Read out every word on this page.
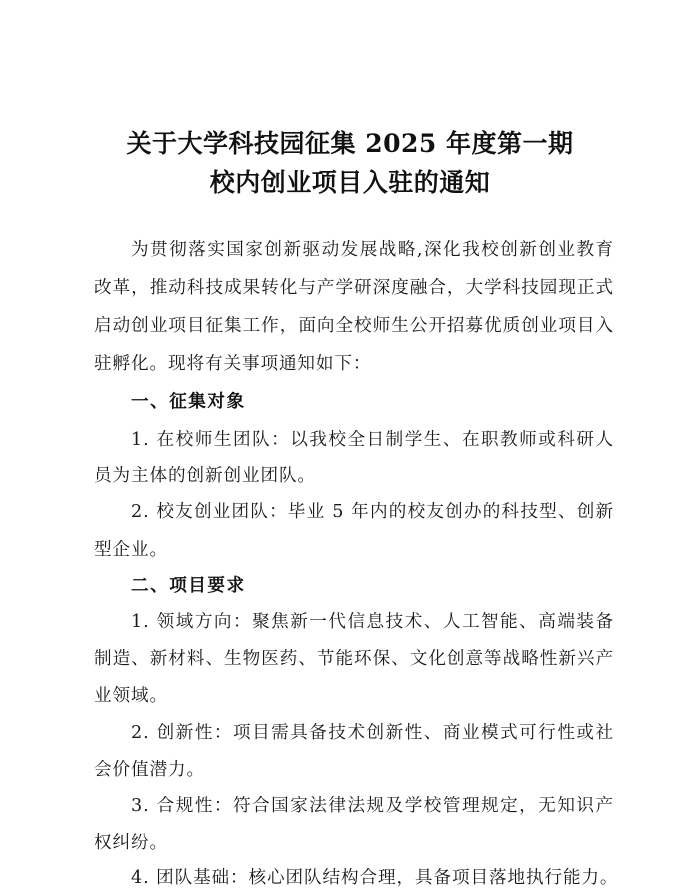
关于大学科技园征集 2025 年度第一期
校内创业项目入驻的通知
为贯彻落实国家创新驱动发展战略,深化我校创新创业教育
改革，推动科技成果转化与产学研深度融合，大学科技园现正式
启动创业项目征集工作，面向全校师生公开招募优质创业项目入
驻孵化。现将有关事项通知如下：
一、征集对象
1. 在校师生团队：以我校全日制学生、在职教师或科研人
员为主体的创新创业团队。
2. 校友创业团队：毕业 5 年内的校友创办的科技型、创新
型企业。
二、项目要求
1. 领域方向：聚焦新一代信息技术、人工智能、高端装备
制造、新材料、生物医药、节能环保、文化创意等战略性新兴产
业领域。
2. 创新性：项目需具备技术创新性、商业模式可行性或社
会价值潜力。
3. 合规性：符合国家法律法规及学校管理规定，无知识产
权纠纷。
4. 团队基础：核心团队结构合理，具备项目落地执行能力。
